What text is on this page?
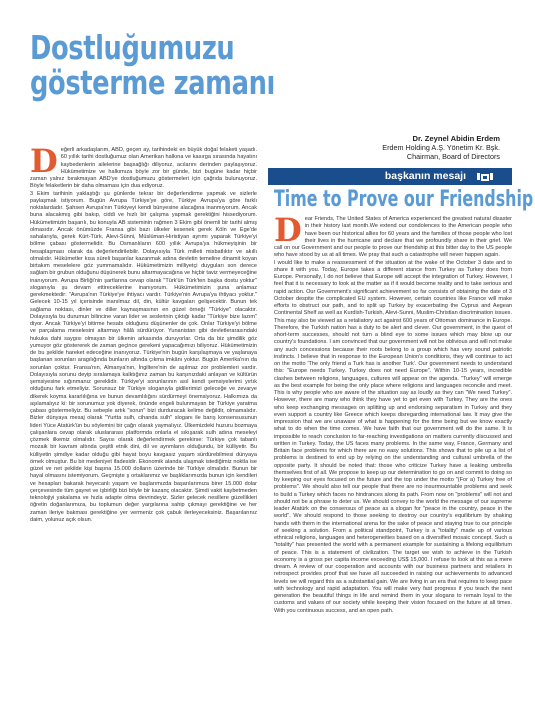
Dostluğumuzu
gösterme zamanı
Dr. Zeynel Abidin Erdem
Erdem Holding A.Ş. Yönetim Kr. Bşk.
Chairman, Board of Directors
başkanın mesajı
Time to Prove our Friendship
D eğerli arkadaşlarım, ABD, geçen ay, tarihindeki en büyük doğal felaketi yaşadı. 60 yıllık tarihi dostluğumuz olan Amerikan halkına ve kasırga sırasında hayatını kaybedenlerin ailelerine başsağlığı diliyoruz, acılarını derinden paylaşıyoruz. Hükümetimize ve halkımıza böyle zor bir günde, bizi bugüne kadar hiçbir zaman yalnız bırakmayan ABD'ye dostluğumuzu göstermeleri için çağrıda bulunuyoruz. Böyle felaketlerin bir daha olmaması için dua ediyoruz.

3 Ekim tarihinin yaklaştığı şu günlerde tekrar bir değerlendirme yapmak ve sizlerle paylaşmak istiyorum. Bugün Avrupa Türkiye'ye göre, Türkiye Avrupa'ya göre farklı noktalardadır. Şahsen Avrupa'nın Türkiyeyi kendi bünyesine alacağına inanmıyorum. Ancak buna alacakmış gibi bakıp, ciddi ve hızlı bir çalışma yapmak gerektiğini hissediyorum. Hükümetimizin başarılı, bu konuyla AB sisteminin rağmen 3 Ekim gibi önemli bir tarihi almış olmasıdır. Ancak önümüzde Fransa gibi bazı ülkeler kesenek gerek Köln ve Ege'de sahalarıyla, gerek Kürt-Türk, Alevi-Sünni, Müslüman-Hıristiyan ayrımı yaparak Türkiye'yi bölme çabası göstermelidir. Bu Osmanlıların 600 yıllık Avrupa'ya hükmeyişinin bir hesaplaşması olarak da değerlendirilebilir. Dolayısıyla Türk milleti misbatlıktır ve akıllı olmalıdır. Hükümetler kısa süreli başarılar kazanmak adına devletin temeline dinamit koyan birtakım meselelere göz yummamalıdır. Hükümetimizin milliyetçi duyguları son derece sağlam bir grubun olduğunu düşünerek bunu altarmayacağına ve hiçbir taviz vermeyeceğine inanıyorum. Avrupa Birliği'nin şartlarına cevap olarak "Türk'ün Türk'ten başka dostu yoktur" sloganıyla şu devam ettireceklerine inanıyorum. Hükümetimizin şuna anlamaz gerekmektedir: "Avrupa'nın Türkiye'ye ihtiyacı vardır. Türkiye'nin Avrupa'ya ihtiyacı yoktur." Gelecek 10-15 yıl içerisinde inanılmaz dil, din, kültür kavgaları gelişecektir. Bunun tek sağlama noktası, dinler ve diller kaynaşmasının en güzel örneği "Türkiye" olacaktır. Dolayısıyla bu durumun bilincine varan lider ve seslerinin çıktığı kadar "Türkiye bize lazım" diyor. Ancak Türkiye'yi bitirme hesabı olduğunu düşünenler de çok. Onlar Türkiye'yi bölme ve parçalama meselesini altarmayı hâlâ sürdürüyor. Yunanistan gibi devletlerarasındaki hukuka dahi saygısı olmayan bir ülkenin arkasında duruyorlar. Orta da biz şimdilik göz yumuyor göz göstererek de zaman geçince gerekeni yapacağımızı biliyoruz. Hükümetimizin de bu şekilde hareket edeceğine inanıyoruz. Türkiye'nin bugün karşılaşmaya ve yaşlanaya başlanan sorunları aragılığında bunların altında çıkma imkânı yoktur. Bugün Amerika'nın da sorunları çoktur. Fransa'nın, Almanya'nın, İngiltere'nin de aşılmaz zor problemleri vardır. Dolayısıyla sorunu deyip sıralamaya kalktığınız zaman bu karşınızdaki anlayan ve kültürün şemsiyesine sığınmanız gereklidir. Türkiye'yi sorunlarının asıl kendi şemsiyelerimi yırtık olduğunu fark etmeliyiz. Sorunsuz bir Türkiye sloganıyla gidilerimizi geleceğe ve zevarye dikerek koyma kararlılığına ve bunun devamlılığını sürdürmeyi önemsiyoruz. Halkımıza da aşılamalıyız ki: bir sorunumuz yok diyerek, önünde engeli bulunmayan bir Türkiye yaratma çabası göstermeliyiz. Bu sebeple artık "sorun" bizi durduracak kelime değildir, olmamalıdır. Bizler dünyaya mesaj olarak "Yurtta sulh, cihanda sulh" sloganı ile barış konsensusunun lideri Yüce Atatürk'ün bu söylemini bir çağrı olarak yaymalıyız. Ülkemizdeki huzuru bozmaya çalışanlara cevap olarak uluslararası platformda onlarla el sıkışarak sulh adına meseleyi çözmek ilkemiz olmalıdır. Sayısı olarak değerlendirmek gerekirse: Türkiye çok tabanlı mozaik bir kavram altında çeşitli etnik dini, dil ve aynmların olduğundu, bir külliyetir. Bu külliyetin şimdiye kadar olduğu gibi hayat boyu kavgasız yaşam sürdürebilmesi dünyaya örnek olmuştur. Bu bir medeniyet ifadesidir. Ekonomik alanda ulaşmak istediğimiz noktla ise güzel ve net şekilde kişi başına 15.000 dolların üzerinde bir Türkiye olmalıdır. Bunun bir hayal olmasını istemiyorum. Geçmişte ş ortaklarımız ve başlıklarımızda bunun için kendileri ve hesapları bakarak heyecanlı yaşam ve başlarımızda başarılarımıza birer 15.000 dolar çerçevesinde tüm gayret ve işbirliği bizi böyle bir kazanç olacaktır. Şimdi vakit kaybetmeden teknolojiyi yakalama ve hızla adapte olma devrindeyiz. Sizler gelecek nesillere güzellikleri öğretin doğanlarımıza, bu toplumun değer yargılarına sahip çıkmayı gerektiğine ve her zaman ileriye bakması gerektiğine yer vermeniz çok çabuk ilerleyeceksiniz. Başarılarınız daim, yolunuz açık olsun.

D ear Friends, The United States of America experienced the greatest natural disaster in their history last month.We extend our condolences to the American people who have been our historical allies for 60 years and the families of those people who lost their lives in the hurricane and declare that we profoundly share in their grief. We call on our Government and our people to prove our friendship at this bitter day to the US people who have stood by us at all times. We pray that such a catastrophe will never happen again.

I would like to make a reassessment of the situation at the wake of the October 3 date and to share it with you. Today, Europe takes a different stance from Turkey as Turkey does from Europe. Personally, I do not believe that Europe will accept the integration of Turkey. However, I feel that it is necessary to look at the matter as if it would become reality and to take serious and rapid action. Our Government's significant achievement so far consists of obtaining the date of 3 October despite the complicated EU system. However, certain countries like France will make efforts to obstruct our path, and to split up Turkey by exacerbating the Cyprus and Aegean Continental Shelf as well as Kurdish-Turkish, Alevi-Sunni, Muslim-Christian discrimination issues. This may also be viewed as a retaliatory act against 600 years of Ottoman dominance in Europe. Therefore, the Turkish nation has a duty to be alert and clever. Our government, in the quest of short-term successes, should not turn a blind eye to some issues which may blow up our country's foundations. I am convinced that our government will not be oblivious and will not make any such concessions because their roots belong to a group which has very sound patriotic instincts. I believe that in response to the European Union's conditions, they will continue to act on the motto 'The only friend a Turk has is another Turk'. Our government needs to understand this: "Europe needs Turkey. Turkey does not need Europe". Within 10-15 years, incredible clashes between religions, languages, cultures will appear on the agenda. "Turkey" will emerge as the best example for being the only place where religions and languages reconcile and meet. This is why people who are aware of the situation say as loudly as they can "We need Turkey". However, there are many who think they have yet to get even with Turkey. They are the ones who keep exchanging messages on splitting up and endorsing separatism in Turkey and they even support a country like Greece which keeps disregarding international law. It may give the impression that we are unaware of what is happening for the time being but we know exactly what to do when the time comes. We have faith that our government will do the same. It is impossible to reach conclusion to far-reaching investigations on matters currently discussed and written in Turkey. Today, the US faces many problems. In the same way, France, Germany and Britain face problems for which there are no easy solutions. This shows that to pile up a list of problems is destined to end up by relying on the understanding and cultural umbrella of the opposite party. It should be noted that: those who criticize Turkey have a leaking umbrella themselves first of all. We propose to keep up our determination to go on and commit to doing so by keeping our eyes focused on the future and the top under the motto "(For a) Turkey free of problems". We should also tell our people that there are no insurmountable problems and seek to build a Turkey which faces no hindrances along its path. From now on "problems" will not and should not be a phrase to deter us. We should convey to the world the message of our supreme leader Atatürk on the consensus of peace as a slogan for "peace in the country, peace in the world". We should respond to those seeking to destroy our country's equilibrium by shaking hands with them in the international arena for the sake of peace and staying true to our principle of seeking a solution. From a political standpoint, Turkey is a "totality" made up of various ethnical religions, languages and heterogeneities based on a diversified mosaic concept. Such a "totality" has presented the world with a permanent example for sustaining a lifelong equilibrium of peace. This is a statement of civilization. The target we wish to achieve in the Turkish economy is a gross per capita income exceeding US$ 15,000. I refuse to look at this as a mere dream. A review of our cooperation and accounts with our business partners and retailers in retrospect provides proof that we have all succeeded in raising our achievements to advanced levels we will regard this as a substantial gain. We are living in an era that requires to keep pace with technology and rapid adaptation. You will make very fast progress if you teach the next generation the beautiful things in life and remind them in your slogans to remain loyal to the customs and values of our society while keeping their vision focused on the future at all times. With you continuous success, and an open path.
